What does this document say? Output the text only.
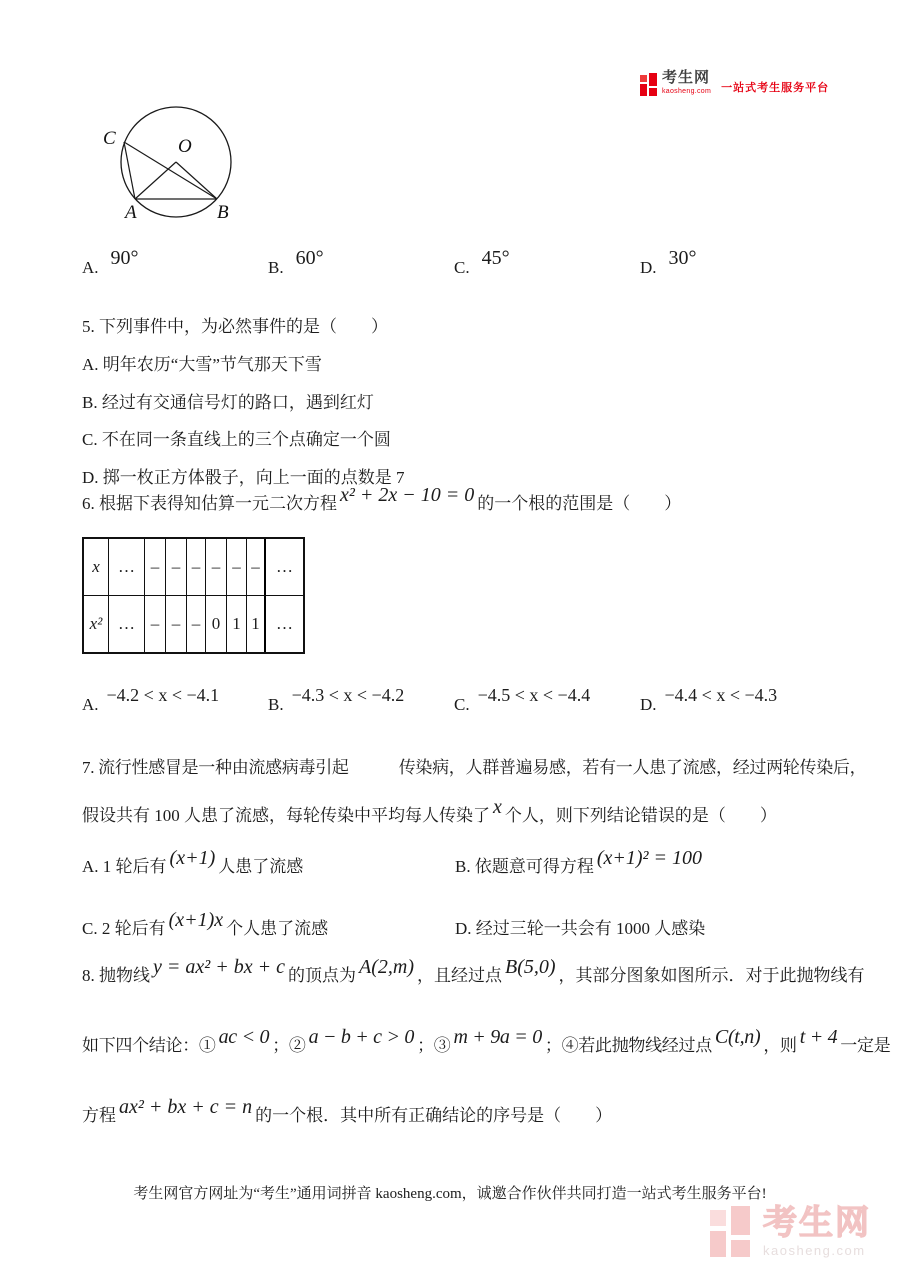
考生网
kaosheng.com 一站式考生服务平台
C	O
A	B
A. 90°	B. 60°	C. 45°	D. 30°
5. 下列事件中，为必然事件的是（　　）
A. 明年农历“大雪”节气那天下雪
B. 经过有交通信号灯的路口，遇到红灯
C. 不在同一条直线上的三个点确定一个圆
D. 掷一枚正方体骰子，向上一面的点数是 7
6. 根据下表得知估算一元二次方程 x² + 2x − 10 = 0 的一个根的范围是（　　）
x	… – – – – – – …
x² … – – – 0 1 1 …
A. −4.2 < x < −4.1	B. −4.3 < x < −4.2	C. −4.5 < x < −4.4	D. −4.4 < x < −4.3
7. 流行性感冒是一种由流感病毒引起　　　传染病，人群普遍易感，若有一人患了流感，经过两轮传染后，
假设共有 100 人患了流感，每轮传染中平均每人传染了 x 个人，则下列结论错误的是（　　）
A. 1 轮后有 (x+1) 人患了流感	B. 依题意可得方程 (x+1)² = 100
C. 2 轮后有 (x+1)x 个人患了流感	D. 经过三轮一共会有 1000 人感染
8. 抛物线 y = ax² + bx + c 的顶点为 A(2,m) ，且经过点 B(5,0) ，其部分图象如图所示．对于此抛物线有
如下四个结论：① ac < 0 ；② a − b + c > 0 ；③ m + 9a = 0 ；④若此抛物线经过点 C(t,n) ，则 t + 4 一定是
方程 ax² + bx + c = n 的一个根．其中所有正确结论的序号是（　　）
考生网官方网址为“考生”通用词拼音 kaosheng.com，诚邀合作伙伴共同打造一站式考生服务平台!
考生网
kaosheng.com
